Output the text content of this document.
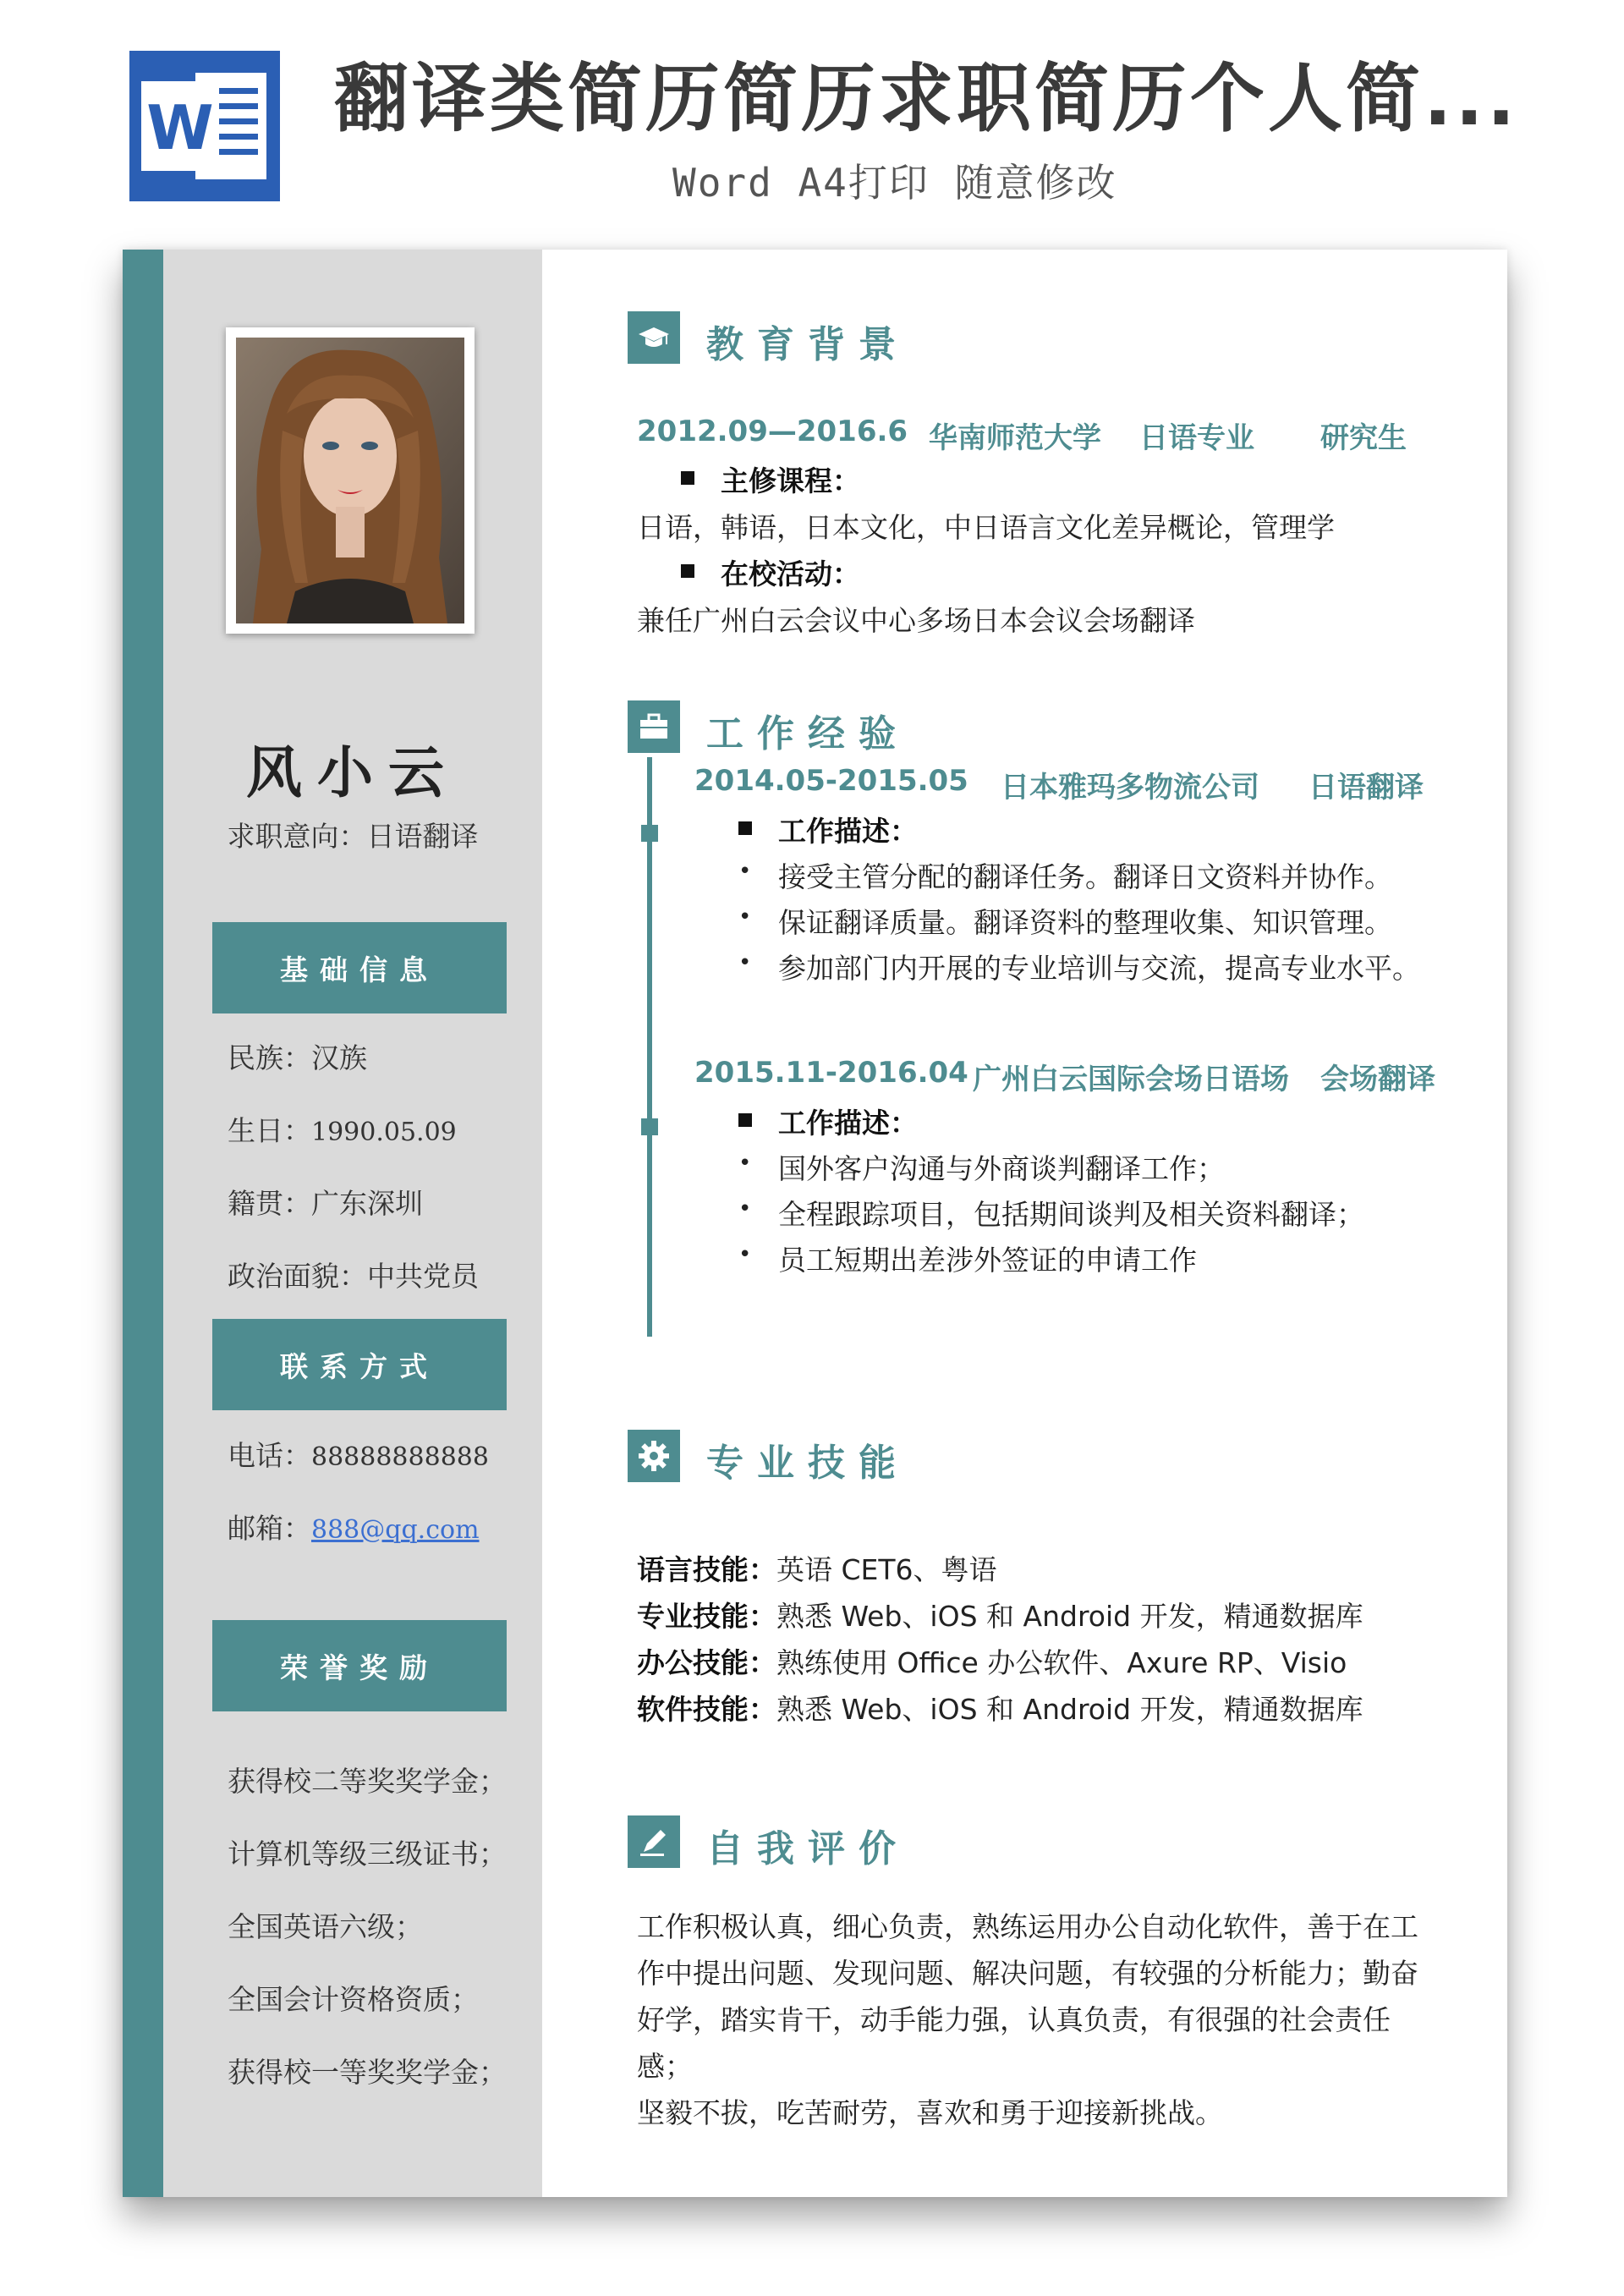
W 翻译类简历简历求职简历个人简...
Word A4打印 随意修改
风小云
求职意向：日语翻译
基础信息
民族：汉族
生日：1990.05.09
籍贯：广东深圳
政治面貌：中共党员
联系方式
电话：88888888888
邮箱：888@qq.com
荣誉奖励
获得校二等奖奖学金；
计算机等级三级证书；
全国英语六级；
全国会计资格资质；
获得校一等奖奖学金；
教育背景
2012.09—2016.6 华南师范大学 日语专业 研究生
主修课程：
日语，韩语，日本文化，中日语言文化差异概论，管理学
在校活动：
兼任广州白云会议中心多场日本会议会场翻译
工作经验
2014.05-2015.05 日本雅玛多物流公司 日语翻译
工作描述：
• 接受主管分配的翻译任务。翻译日文资料并协作。
• 保证翻译质量。翻译资料的整理收集、知识管理。
• 参加部门内开展的专业培训与交流，提高专业水平。
2015.11-2016.04 广州白云国际会场日语场 会场翻译
工作描述：
• 国外客户沟通与外商谈判翻译工作；
• 全程跟踪项目，包括期间谈判及相关资料翻译；
• 员工短期出差涉外签证的申请工作
专业技能
语言技能：英语 CET6、粤语
专业技能：熟悉 Web、iOS 和 Android 开发，精通数据库
办公技能：熟练使用 Office 办公软件、Axure RP、Visio
软件技能：熟悉 Web、iOS 和 Android 开发，精通数据库
自我评价
工作积极认真，细心负责，熟练运用办公自动化软件，善于在工
作中提出问题、发现问题、解决问题，有较强的分析能力；勤奋
好学，踏实肯干，动手能力强，认真负责，有很强的社会责任感；
坚毅不拔，吃苦耐劳，喜欢和勇于迎接新挑战。
